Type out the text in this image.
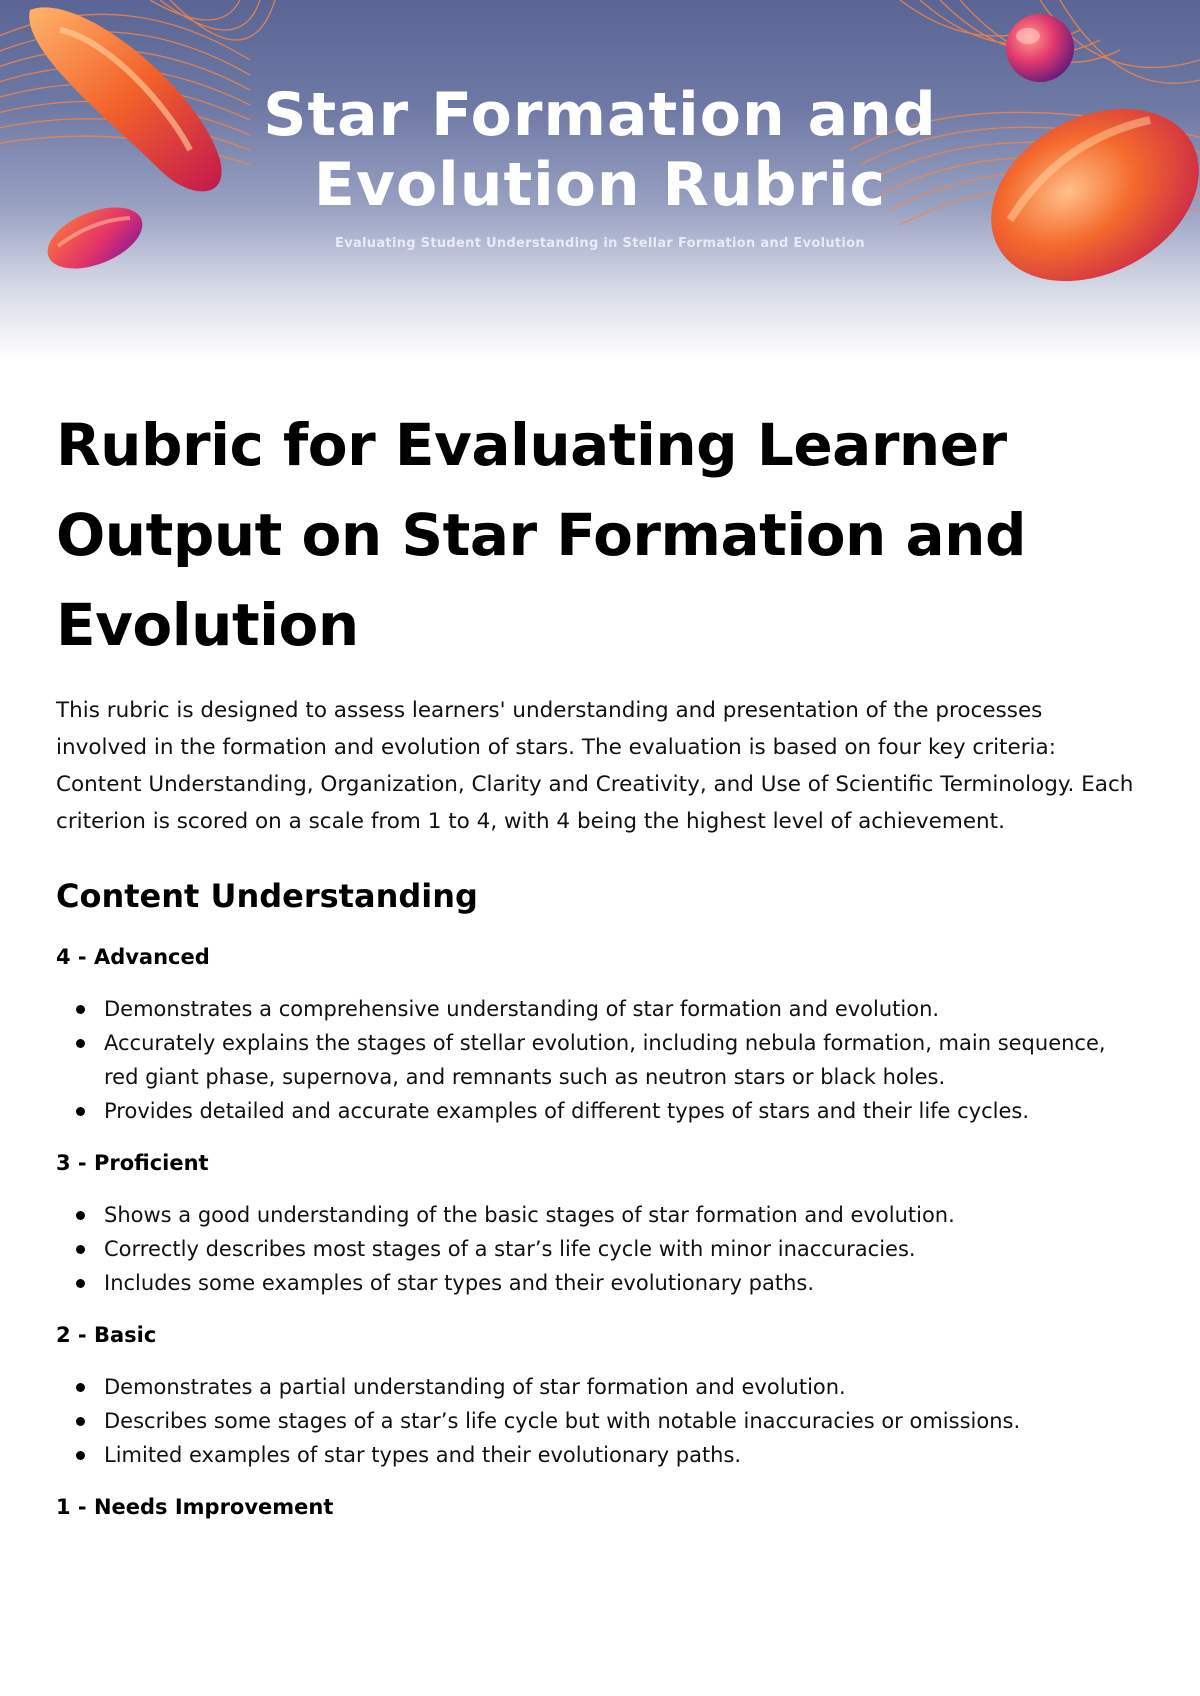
Star Formation and
Evolution Rubric
Evaluating Student Understanding in Stellar Formation and Evolution
Rubric for Evaluating Learner Output on Star Formation and Evolution

This rubric is designed to assess learners' understanding and presentation of the processes involved in the formation and evolution of stars. The evaluation is based on four key criteria: Content Understanding, Organization, Clarity and Creativity, and Use of Scientific Terminology. Each criterion is scored on a scale from 1 to 4, with 4 being the highest level of achievement.

Content Understanding
4 - Advanced
Demonstrates a comprehensive understanding of star formation and evolution.
Accurately explains the stages of stellar evolution, including nebula formation, main sequence, red giant phase, supernova, and remnants such as neutron stars or black holes.
Provides detailed and accurate examples of different types of stars and their life cycles.
3 - Proficient
Shows a good understanding of the basic stages of star formation and evolution.
Correctly describes most stages of a star’s life cycle with minor inaccuracies.
Includes some examples of star types and their evolutionary paths.
2 - Basic
Demonstrates a partial understanding of star formation and evolution.
Describes some stages of a star’s life cycle but with notable inaccuracies or omissions.
Limited examples of star types and their evolutionary paths.
1 - Needs Improvement
